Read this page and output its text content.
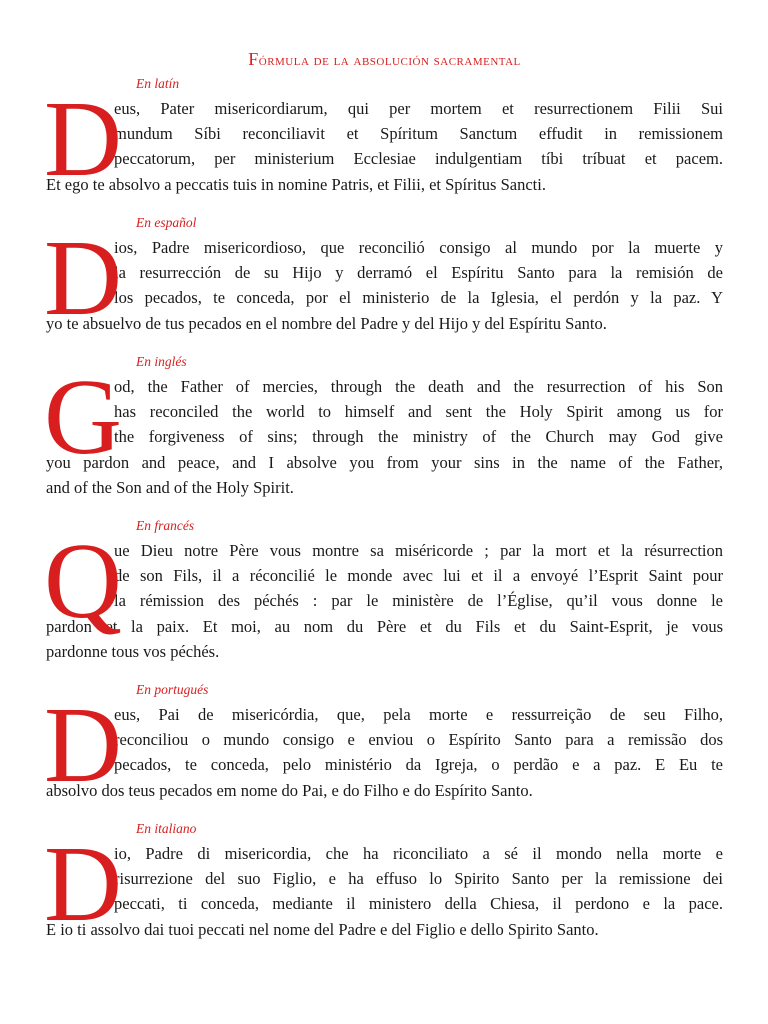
Fórmula de la absolución sacramental
En latín
D
eus, Pater misericordiarum, qui per mortem et resurrectionem Filii Sui
mundum Síbi reconciliavit et Spíritum Sanctum effudit in remissionem
peccatorum, per ministerium Ecclesiae indulgentiam tíbi tríbuat et pacem.
Et ego te absolvo a peccatis tuis in nomine Patris, et Filii, et Spíritus Sancti.
En español
D
ios, Padre misericordioso, que reconcilió consigo al mundo por la muerte y
la resurrección de su Hijo y derramó el Espíritu Santo para la remisión de
los pecados, te conceda, por el ministerio de la Iglesia, el perdón y la paz. Y
yo te absuelvo de tus pecados en el nombre del Padre y del Hijo y del Espíritu Santo.
En inglés
G
od, the Father of mercies, through the death and the resurrection of his Son
has reconciled the world to himself and sent the Holy Spirit among us for
the forgiveness of sins; through the ministry of the Church may God give
you pardon and peace, and I absolve you from your sins in the name of the Father,
and of the Son and of the Holy Spirit.
En francés
Q
ue Dieu notre Père vous montre sa miséricorde ; par la mort et la résurrection
de son Fils, il a réconcilié le monde avec lui et il a envoyé l’Esprit Saint pour
la rémission des péchés : par le ministère de l’Église, qu’il vous donne le
pardon et la paix. Et moi, au nom du Père et du Fils et du Saint-Esprit, je vous
pardonne tous vos péchés.
En portugués
D
eus, Pai de misericórdia, que, pela morte e ressurreição de seu Filho,
reconciliou o mundo consigo e enviou o Espírito Santo para a remissão dos
pecados, te conceda, pelo ministério da Igreja, o perdão e a paz. E Eu te
absolvo dos teus pecados em nome do Pai, e do Filho e do Espírito Santo.
En italiano
D
io, Padre di misericordia, che ha riconciliato a sé il mondo nella morte e
risurrezione del suo Figlio, e ha effuso lo Spirito Santo per la remissione dei
peccati, ti conceda, mediante il ministero della Chiesa, il perdono e la pace.
E io ti assolvo dai tuoi peccati nel nome del Padre e del Figlio e dello Spirito Santo.
